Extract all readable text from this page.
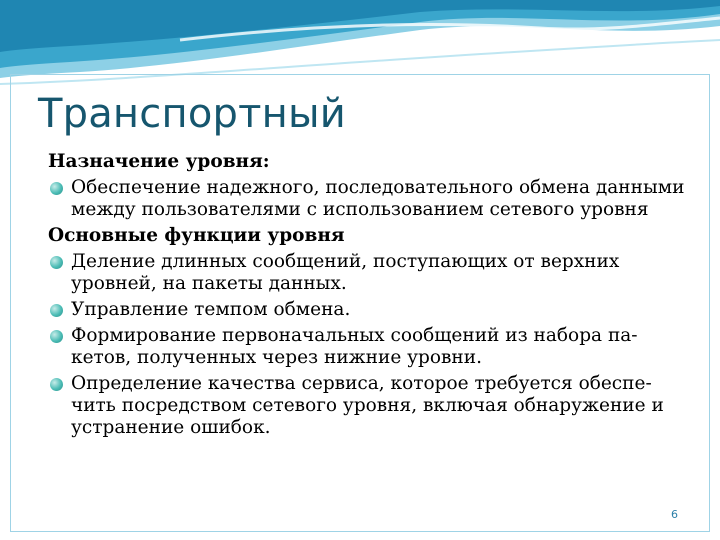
Транспортный

Назначение уровня:

Обеспечение надежного, последовательного обмена данными между пользователями с использованием сетевого уровня

Основные функции уровня

Деление длинных сообщений, поступающих от верхних уровней, на пакеты данных.
Управление темпом обмена.
Формирование первоначальных сообщений из набора па-кетов, полученных через нижние уровни.
Определение качества сервиса, которое требуется обеспе-чить посредством сетевого уровня, включая обнаружение и устранение ошибок.
6
